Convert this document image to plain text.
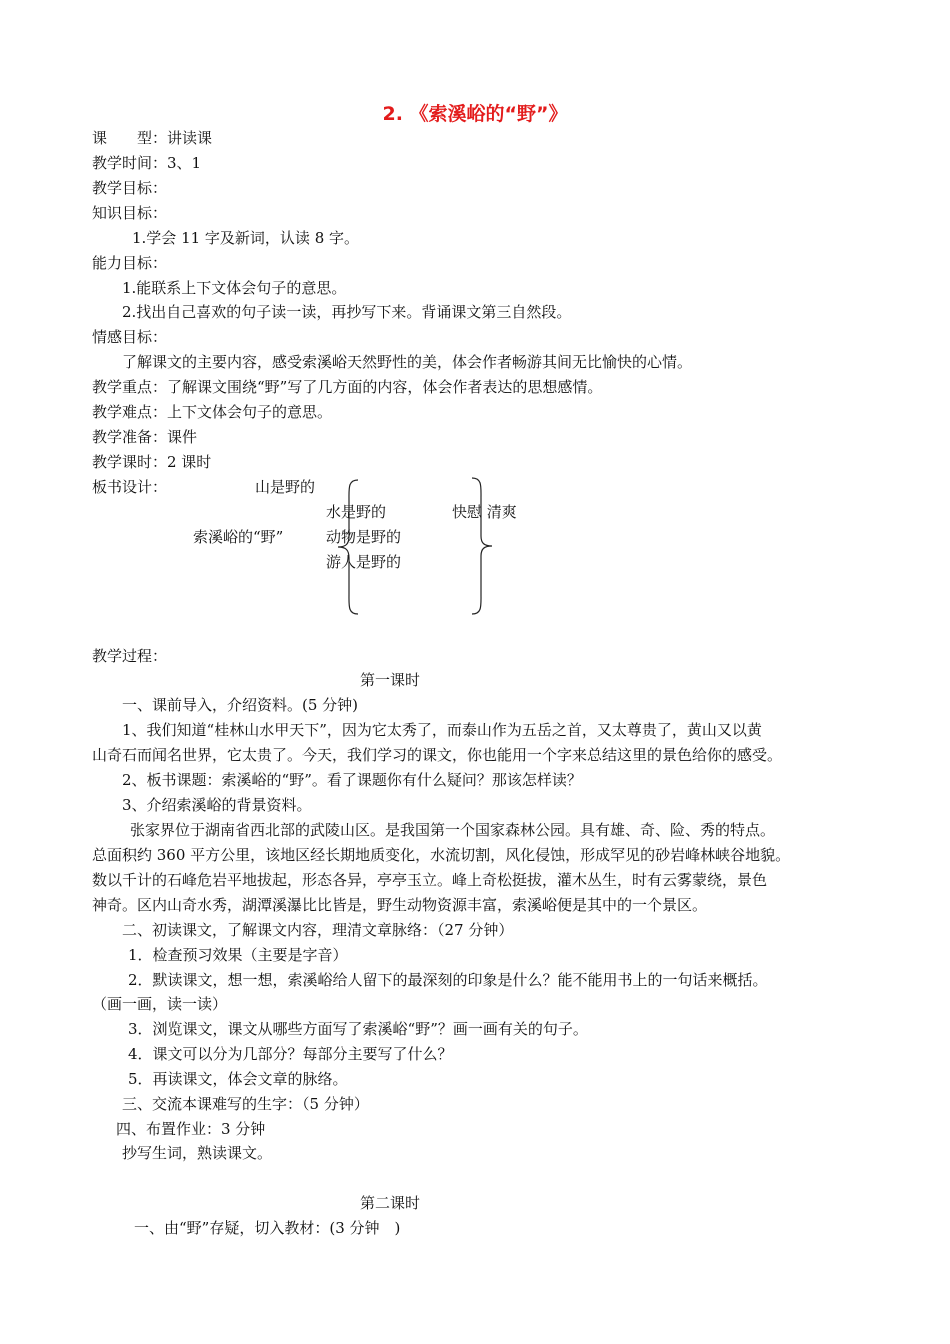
2. 《索溪峪的“野”》
课　　型：讲读课
教学时间：3、1
教学目标：
知识目标：
1.学会 11 字及新词，认读 8 字。
能力目标：
1.能联系上下文体会句子的意思。
2.找出自己喜欢的句子读一读，再抄写下来。背诵课文第三自然段。
情感目标：
了解课文的主要内容，感受索溪峪天然野性的美，体会作者畅游其间无比愉快的心情。
教学重点：了解课文围绕“野”写了几方面的内容，体会作者表达的思想感情。
教学难点：上下文体会句子的意思。
教学准备：课件
教学课时：2 课时
板书设计：	山是野的
水是野的	快慰 清爽
索溪峪的“野”	动物是野的
游人是野的
教学过程：
第一课时
一、课前导入，介绍资料。(5 分钟)
1、我们知道“桂林山水甲天下”，因为它太秀了，而泰山作为五岳之首，又太尊贵了，黄山又以黄
山奇石而闻名世界，它太贵了。今天，我们学习的课文，你也能用一个字来总结这里的景色给你的感受。
2、板书课题：索溪峪的“野”。看了课题你有什么疑问？那该怎样读？
3、介绍索溪峪的背景资料。
张家界位于湖南省西北部的武陵山区。是我国第一个国家森林公园。具有雄、奇、险、秀的特点。
总面积约 360 平方公里，该地区经长期地质变化，水流切割，风化侵蚀，形成罕见的砂岩峰林峡谷地貌。
数以千计的石峰危岩平地拔起，形态各异，亭亭玉立。峰上奇松挺拔，灌木丛生，时有云雾蒙绕，景色
神奇。区内山奇水秀，湖潭溪瀑比比皆是，野生动物资源丰富，索溪峪便是其中的一个景区。
二、初读课文，了解课文内容，理清文章脉络：（27 分钟）
1．检查预习效果（主要是字音）
2．默读课文，想一想，索溪峪给人留下的最深刻的印象是什么？能不能用书上的一句话来概括。
（画一画，读一读）
3．浏览课文，课文从哪些方面写了索溪峪“野”？画一画有关的句子。
4．课文可以分为几部分？每部分主要写了什么？
5．再读课文，体会文章的脉络。
三、交流本课难写的生字：（5 分钟）
四、布置作业：3 分钟
抄写生词，熟读课文。
第二课时
一、由“野”存疑，切入教材：(3 分钟　)
